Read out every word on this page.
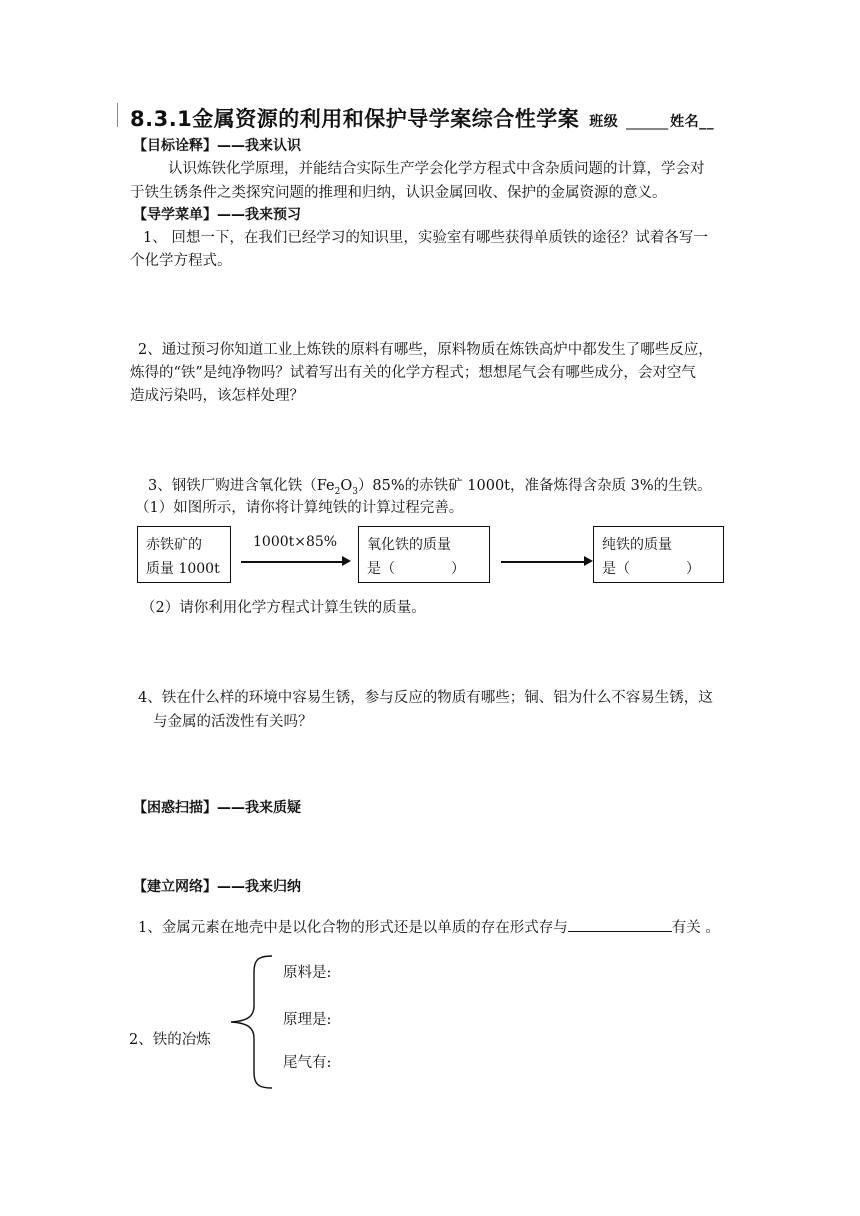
8.3.1金属资源的利用和保护导学案综合性学案 班级 ______ 姓名__
【目标诠释】——我来认识
认识炼铁化学原理，并能结合实际生产学会化学方程式中含杂质问题的计算，学会对
于铁生锈条件之类探究问题的推理和归纳，认识金属回收、保护的金属资源的意义。
【导学菜单】——我来预习
1、 回想一下，在我们已经学习的知识里，实验室有哪些获得单质铁的途径？试着各写一
个化学方程式。
2、通过预习你知道工业上炼铁的原料有哪些，原料物质在炼铁高炉中都发生了哪些反应，
炼得的“铁”是纯净物吗？试着写出有关的化学方程式；想想尾气会有哪些成分，会对空气
造成污染吗，该怎样处理？
3、钢铁厂购进含氧化铁$(Fe_2O_3)85\%$的赤铁矿 1000t，准备炼得含杂质 3%的生铁。
（1）如图所示，请你将计算纯铁的计算过程完善。
赤铁矿的
质量 1000t
1000t×85% 氧化铁的质量
是（　　　　）
纯铁的质量
是（　　　　）
（2）请你利用化学方程式计算生铁的质量。
4、铁在什么样的环境中容易生锈，参与反应的物质有哪些；铜、铝为什么不容易生锈，这
与金属的活泼性有关吗？
【困惑扫描】——我来质疑
【建立网络】——我来归纳
1、金属元素在地壳中是以化合物的形式还是以单质的存在形式存与	有关 。
原料是:
原理是:
2、铁的冶炼
尾气有:
